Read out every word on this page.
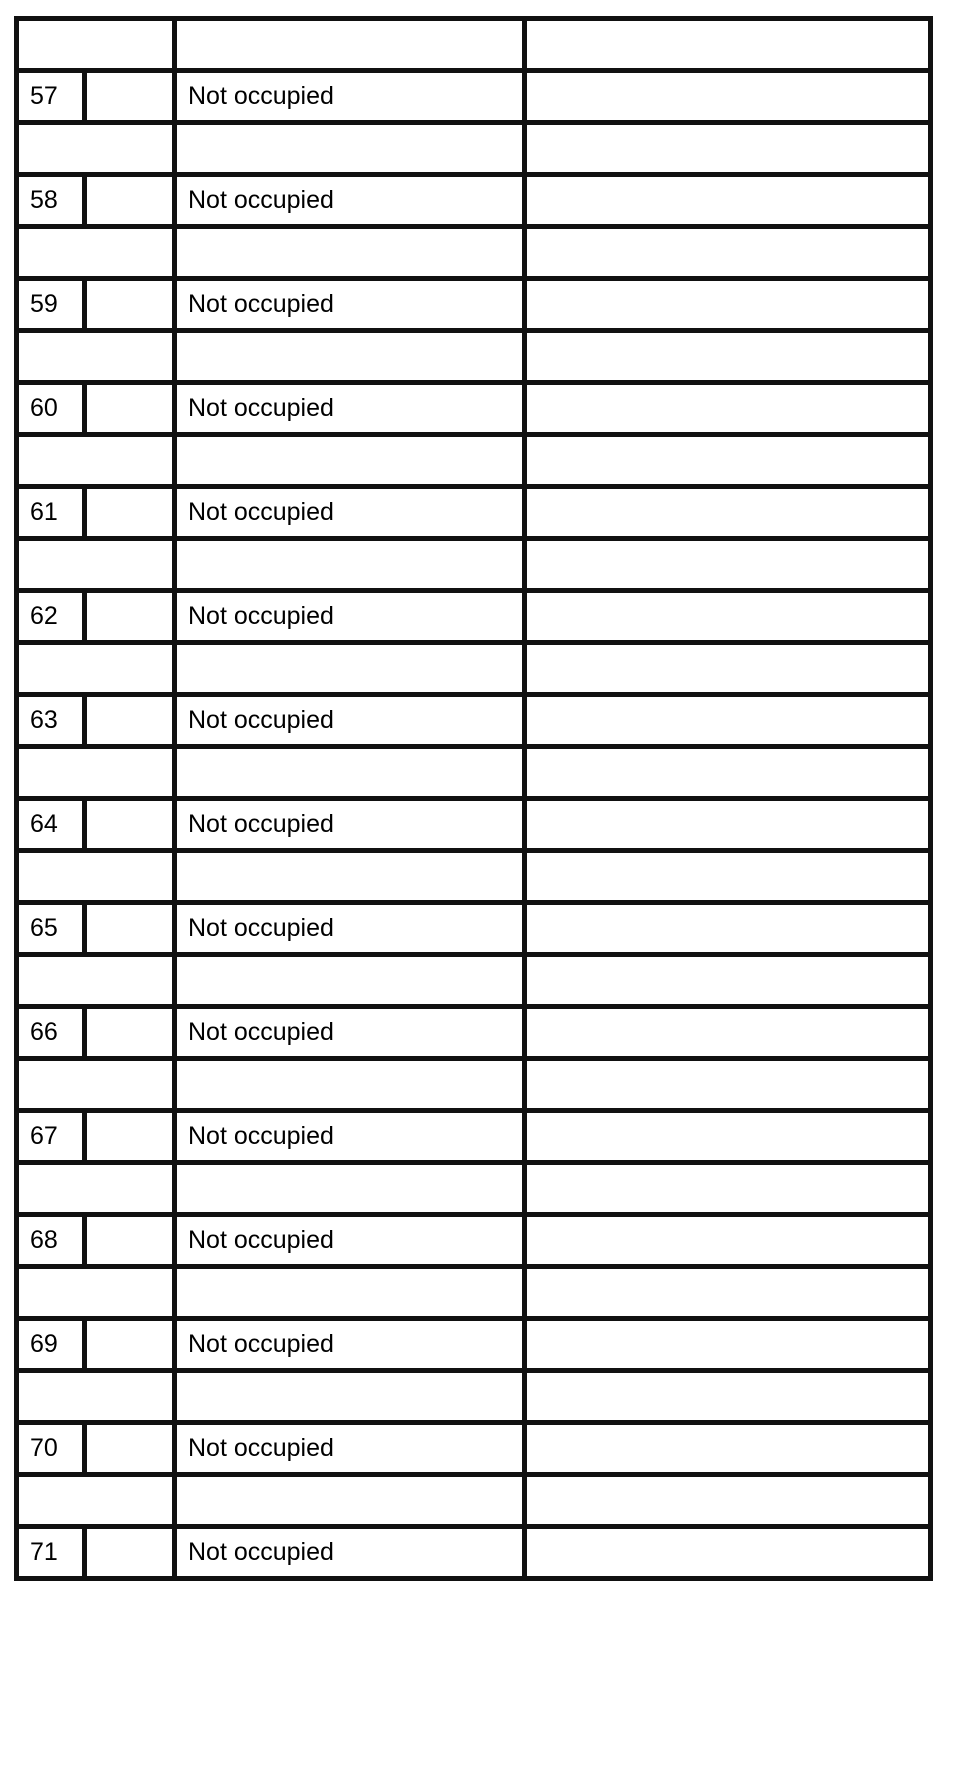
57		Not occupied	

58		Not occupied	

59		Not occupied	

60		Not occupied	

61		Not occupied	

62		Not occupied	

63		Not occupied	

64		Not occupied	

65		Not occupied	

66		Not occupied	

67		Not occupied	

68		Not occupied	

69		Not occupied	

70		Not occupied	

71		Not occupied	
